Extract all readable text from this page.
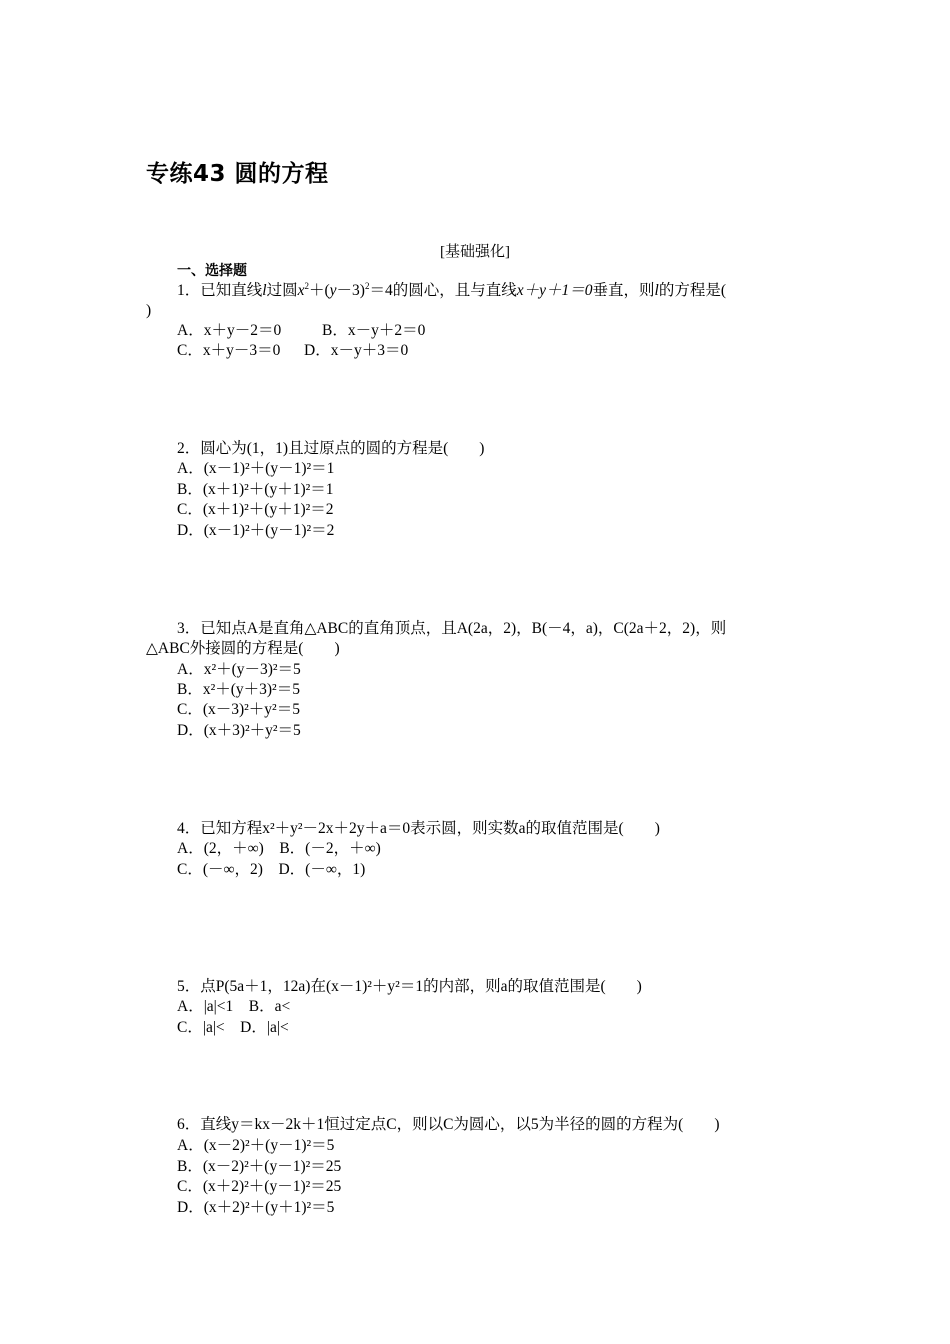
专练43 圆的方程
[基础强化]
一、选择题
1．已知直线l过圆$x^2+(y-3)^2=4$的圆心，且与直线x＋y＋1＝0垂直，则l的方程是(
)
A．x＋y－2＝0	B．x－y＋2＝0
C．x＋y－3＝0 D．x－y＋3＝0
2．圆心为(1，1)且过原点的圆的方程是(　　)
A．(x－1)²＋(y－1)²＝1
B．(x＋1)²＋(y＋1)²＝1
C．(x＋1)²＋(y＋1)²＝2
D．(x－1)²＋(y－1)²＝2
3．已知点A是直角△ABC的直角顶点，且A(2a，2)，B(－4，a)，C(2a＋2，2)，则
△ABC外接圆的方程是(　　)
A．x²＋(y－3)²＝5
B．x²＋(y＋3)²＝5
C．(x－3)²＋y²＝5
D．(x＋3)²＋y²＝5
4．已知方程x²＋y²－2x＋2y＋a＝0表示圆，则实数a的取值范围是(　　)
A．(2，＋∞)　B．(－2，＋∞)
C．(－∞，2)　D．(－∞，1)
5．点P(5a＋1，12a)在(x－1)²＋y²＝1的内部，则a的取值范围是(　　)
A．|a|<1　B．a<
C．|a|<　D．|a|<
6．直线y＝kx－2k＋1恒过定点C，则以C为圆心，以5为半径的圆的方程为(　　)
A．(x－2)²＋(y－1)²＝5
B．(x－2)²＋(y－1)²＝25
C．(x＋2)²＋(y－1)²＝25
D．(x＋2)²＋(y＋1)²＝5
